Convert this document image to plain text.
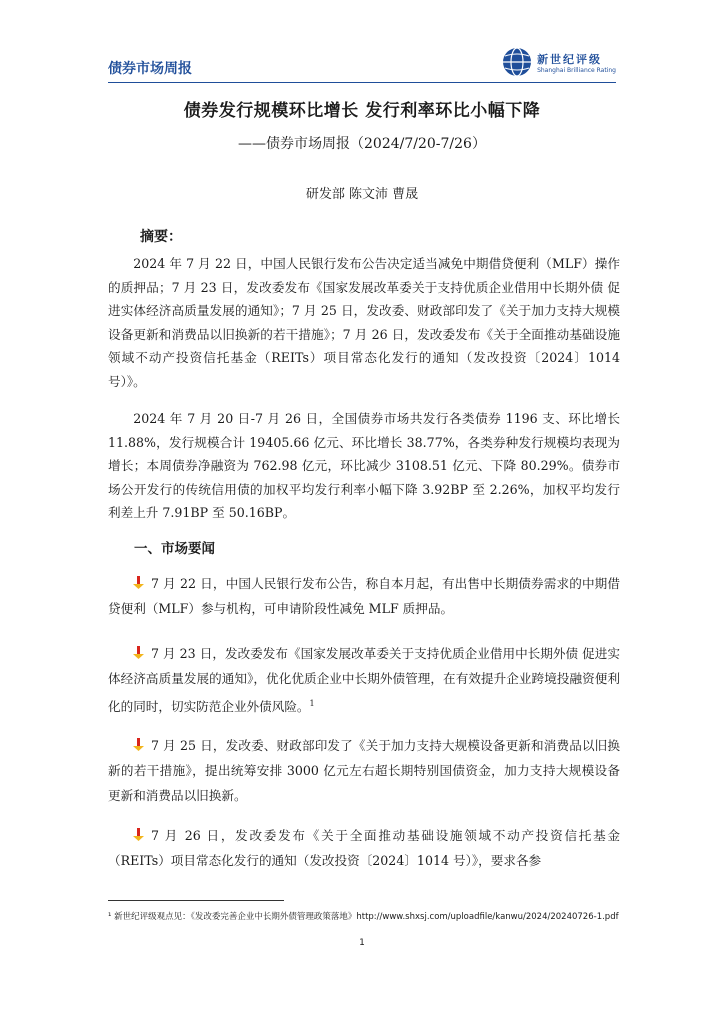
债券市场周报
新世纪评级
Shanghai Brilliance Rating
债券发行规模环比增长 发行利率环比小幅下降
——债券市场周报（2024/7/20-7/26）
研发部 陈文沛 曹晟
摘要：

2024 年 7 月 22 日，中国人民银行发布公告决定适当减免中期借贷便利（MLF）操作的质押品；7 月 23 日，发改委发布《国家发展改革委关于支持优质企业借用中长期外债 促进实体经济高质量发展的通知》；7 月 25 日，发改委、财政部印发了《关于加力支持大规模设备更新和消费品以旧换新的若干措施》；7 月 26 日，发改委发布《关于全面推动基础设施领域不动产投资信托基金（REITs）项目常态化发行的通知（发改投资〔2024〕1014 号）》。

2024 年 7 月 20 日-7 月 26 日，全国债券市场共发行各类债券 1196 支、环比增长 11.88%，发行规模合计 19405.66 亿元、环比增长 38.77%，各类券种发行规模均表现为增长；本周债券净融资为 762.98 亿元，环比减少 3108.51 亿元、下降 80.29%。债券市场公开发行的传统信用债的加权平均发行利率小幅下降 3.92BP 至 2.26%，加权平均发行利差上升 7.91BP 至 50.16BP。

一、市场要闻

7 月 22 日，中国人民银行发布公告，称自本月起，有出售中长期债券需求的中期借贷便利（MLF）参与机构，可申请阶段性减免 MLF 质押品。

7 月 23 日，发改委发布《国家发展改革委关于支持优质企业借用中长期外债 促进实体经济高质量发展的通知》，优化优质企业中长期外债管理，在有效提升企业跨境投融资便利化的同时，切实防范企业外债风险。$^1$

7 月 25 日，发改委、财政部印发了《关于加力支持大规模设备更新和消费品以旧换新的若干措施》，提出统筹安排 3000 亿元左右超长期特别国债资金，加力支持大规模设备更新和消费品以旧换新。

7 月 26 日，发改委发布《关于全面推动基础设施领域不动产投资信托基金（REITs）项目常态化发行的通知（发改投资〔2024〕1014 号）》，要求各参

¹ 新世纪评级观点见：《发改委完善企业中长期外债管理政策落地》http://www.shxsj.com/uploadfile/kanwu/2024/20240726-1.pdf
1
